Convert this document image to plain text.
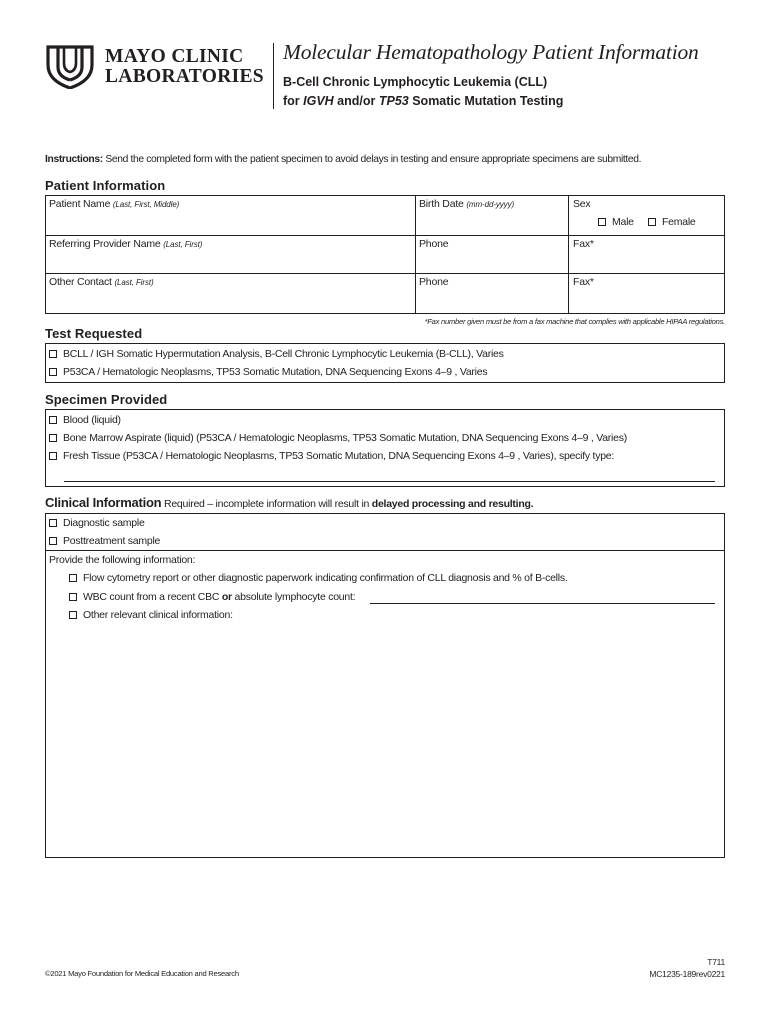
MAYO CLINIC
LABORATORIES
Molecular Hematopathology Patient Information
B-Cell Chronic Lymphocytic Leukemia (CLL)
for IGVH and/or TP53 Somatic Mutation Testing
Instructions: Send the completed form with the patient specimen to avoid delays in testing and ensure appropriate specimens are submitted.
Patient Information
Patient Name (Last, First, Middle)	Birth Date (mm-dd-yyyy)	Sex
Male	Female
Referring Provider Name (Last, First)	Phone	Fax*
Other Contact (Last, First)	Phone	Fax*
*Fax number given must be from a fax machine that complies with applicable HIPAA regulations.
Test Requested
BCLL / IGH Somatic Hypermutation Analysis, B-Cell Chronic Lymphocytic Leukemia (B-CLL), Varies
P53CA / Hematologic Neoplasms, TP53 Somatic Mutation, DNA Sequencing Exons 4–9 , Varies
Specimen Provided
Blood (liquid)
Bone Marrow Aspirate (liquid) (P53CA / Hematologic Neoplasms, TP53 Somatic Mutation, DNA Sequencing Exons 4–9 , Varies)
Fresh Tissue (P53CA / Hematologic Neoplasms, TP53 Somatic Mutation, DNA Sequencing Exons 4–9 , Varies), specify type:
Clinical Information Required – incomplete information will result in delayed processing and resulting.
Diagnostic sample
Posttreatment sample
Provide the following information:
Flow cytometry report or other diagnostic paperwork indicating confirmation of CLL diagnosis and % of B-cells.
WBC count from a recent CBC or absolute lymphocyte count:
Other relevant clinical information:
©2021 Mayo Foundation for Medical Education and Research
T711
MC1235-189rev0221
